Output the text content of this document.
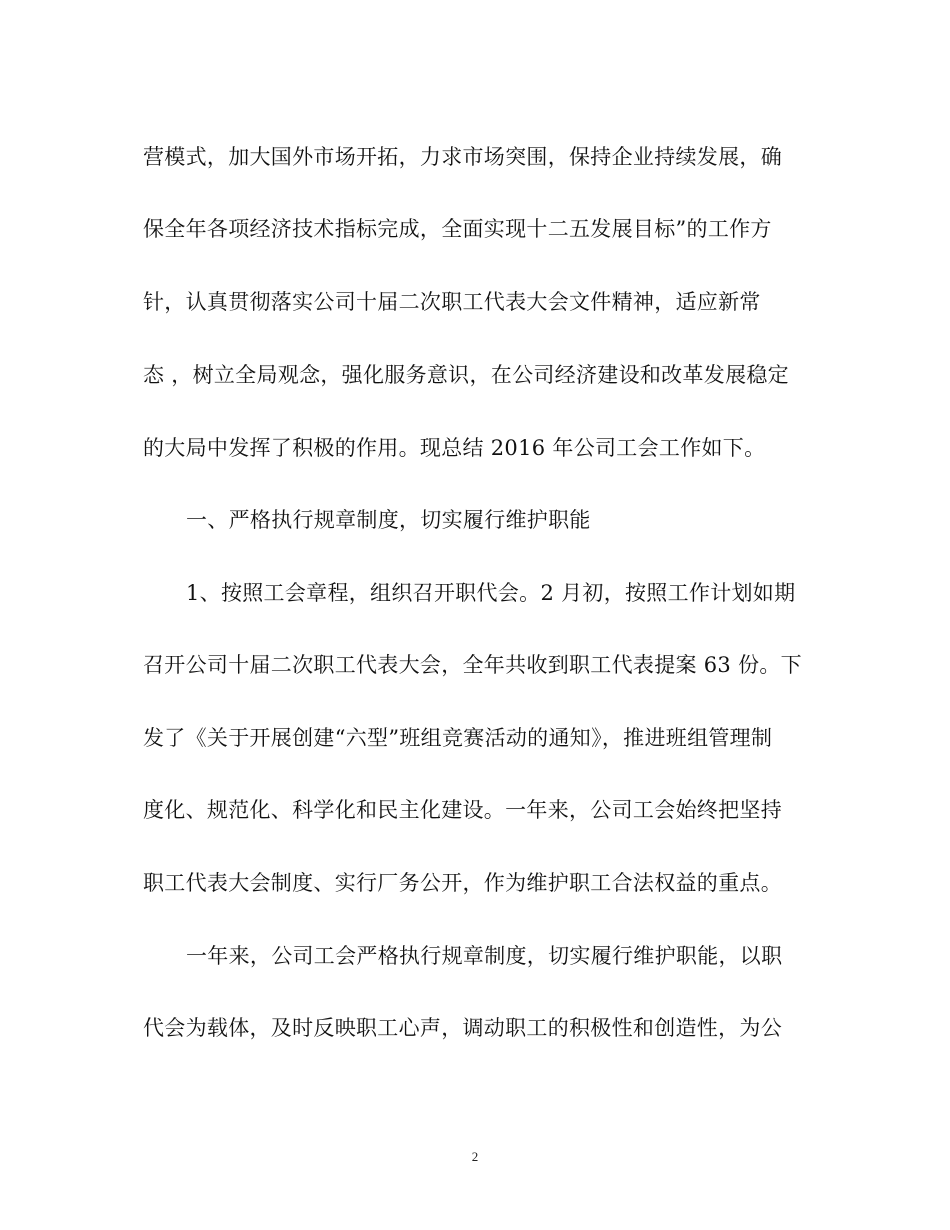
营模式，加大国外市场开拓，力求市场突围，保持企业持续发展，确
保全年各项经济技术指标完成，全面实现十二五发展目标”的工作方
针，认真贯彻落实公司十届二次职工代表大会文件精神，适应新常
态 ，树立全局观念，强化服务意识，在公司经济建设和改革发展稳定
的大局中发挥了积极的作用。现总结 2016 年公司工会工作如下。
一、严格执行规章制度，切实履行维护职能
1、按照工会章程，组织召开职代会。2 月初，按照工作计划如期
召开公司十届二次职工代表大会，全年共收到职工代表提案 63 份。下
发了《关于开展创建“六型”班组竞赛活动的通知》，推进班组管理制
度化、规范化、科学化和民主化建设。一年来，公司工会始终把坚持
职工代表大会制度、实行厂务公开，作为维护职工合法权益的重点。
一年来，公司工会严格执行规章制度，切实履行维护职能，以职
代会为载体，及时反映职工心声，调动职工的积极性和创造性，为公
2
